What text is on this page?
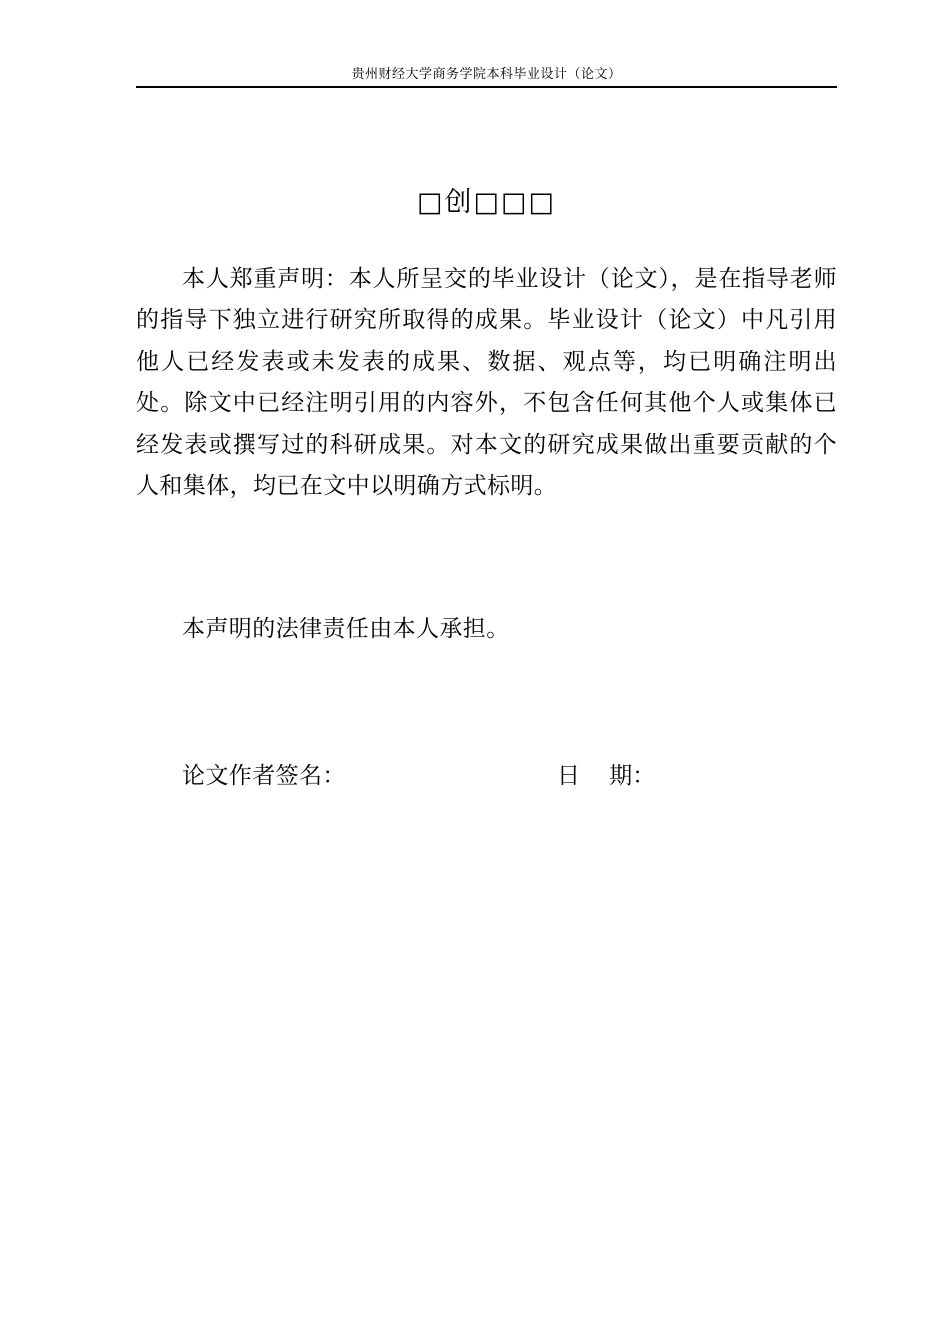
贵州财经大学商务学院本科毕业设计（论文）
□创□□□

本人郑重声明：本人所呈交的毕业设计（论文），是在指导老师的指导下独立进行研究所取得的成果。毕业设计（论文）中凡引用他人已经发表或未发表的成果、数据、观点等，均已明确注明出处。除文中已经注明引用的内容外，不包含任何其他个人或集体已经发表或撰写过的科研成果。对本文的研究成果做出重要贡献的个人和集体，均已在文中以明确方式标明。

本声明的法律责任由本人承担。
论文作者签名：	日    期：
